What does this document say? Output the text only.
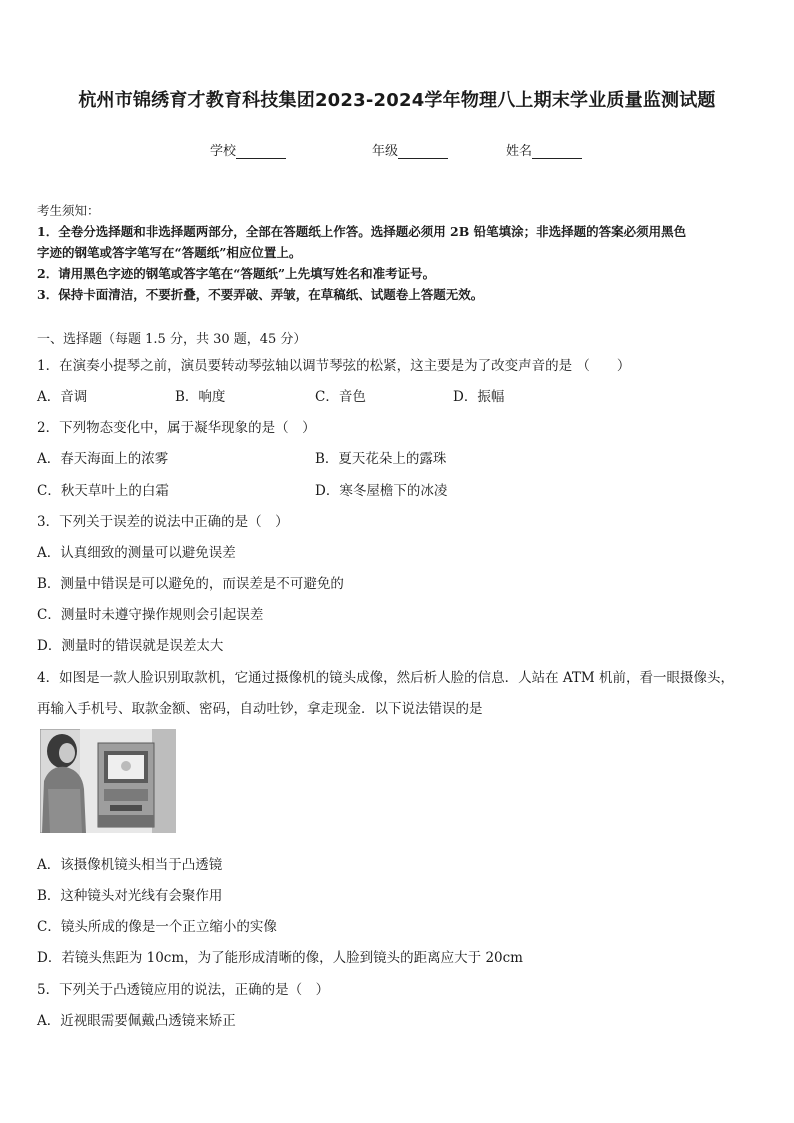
杭州市锦绣育才教育科技集团2023-2024学年物理八上期末学业质量监测试题
学校	年级	姓名
考生须知：
1．全卷分选择题和非选择题两部分，全部在答题纸上作答。选择题必须用 2B 铅笔填涂；非选择题的答案必须用黑色
字迹的钢笔或答字笔写在“答题纸”相应位置上。
2．请用黑色字迹的钢笔或答字笔在“答题纸”上先填写姓名和准考证号。
3．保持卡面清洁，不要折叠，不要弄破、弄皱，在草稿纸、试题卷上答题无效。
一、选择题（每题 1.5 分，共 30 题，45 分）
1．在演奏小提琴之前，演员要转动琴弦轴以调节琴弦的松紧，这主要是为了改变声音的是 （　　）
A．音调	B．响度	C．音色	D．振幅
2．下列物态变化中，属于凝华现象的是（　）
A．春天海面上的浓雾	B．夏天花朵上的露珠
C．秋天草叶上的白霜	D．寒冬屋檐下的冰凌
3．下列关于误差的说法中正确的是（　）
A．认真细致的测量可以避免误差
B．测量中错误是可以避免的，而误差是不可避免的
C．测量时未遵守操作规则会引起误差
D．测量时的错误就是误差太大
4．如图是一款人脸识别取款机，它通过摄像机的镜头成像，然后析人脸的信息．人站在 ATM 机前，看一眼摄像头，
再输入手机号、取款金额、密码，自动吐钞，拿走现金．以下说法错误的是
A．该摄像机镜头相当于凸透镜
B．这种镜头对光线有会聚作用
C．镜头所成的像是一个正立缩小的实像
D．若镜头焦距为 10cm，为了能形成清晰的像，人脸到镜头的距离应大于 20cm
5．下列关于凸透镜应用的说法，正确的是（　）
A．近视眼需要佩戴凸透镜来矫正
